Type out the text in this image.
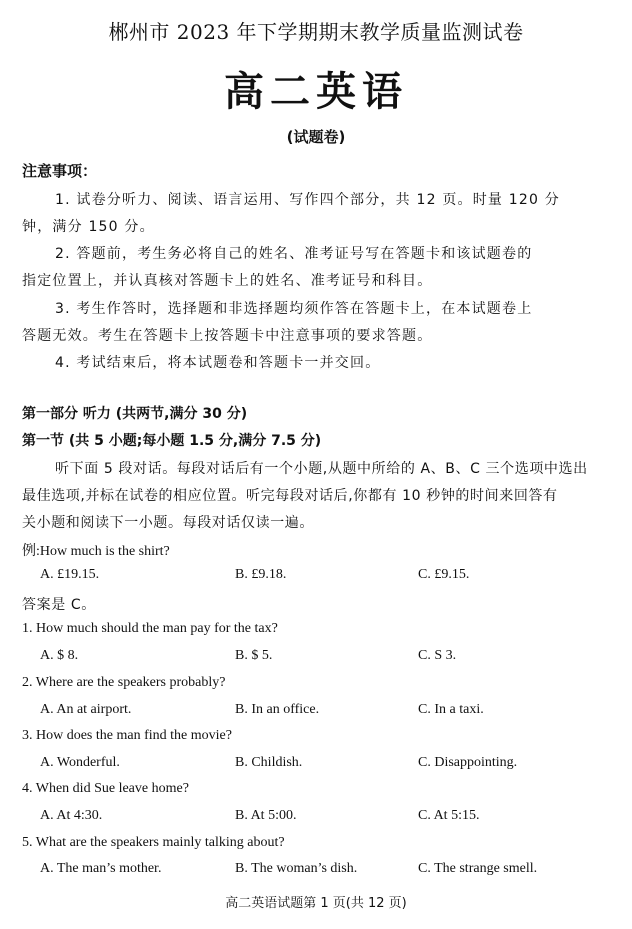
郴州市 2023 年下学期期末教学质量监测试卷
高二英语
(试题卷)
注意事项：
1. 试卷分听力、阅读、语言运用、写作四个部分，共 12 页。时量 120 分
钟，满分 150 分。
2. 答题前，考生务必将自己的姓名、准考证号写在答题卡和该试题卷的
指定位置上，并认真核对答题卡上的姓名、准考证号和科目。
3. 考生作答时，选择题和非选择题均须作答在答题卡上，在本试题卷上
答题无效。考生在答题卡上按答题卡中注意事项的要求答题。
4. 考试结束后，将本试题卷和答题卡一并交回。
第一部分 听力 (共两节,满分 30 分)
第一节 (共 5 小题;每小题 1.5 分,满分 7.5 分)
听下面 5 段对话。每段对话后有一个小题,从题中所给的 A、B、C 三个选项中选出
最佳选项,并标在试卷的相应位置。听完每段对话后,你都有 10 秒钟的时间来回答有
关小题和阅读下一小题。每段对话仅读一遍。
例:How much is the shirt?
A. £19.15.	B. £9.18.	C. £9.15.
答案是 C。
1. How much should the man pay for the tax?
A. $ 8.	B. $ 5.	C. S 3.
2. Where are the speakers probably?
A. An at airport.	B. In an office.	C. In a taxi.
3. How does the man find the movie?
A. Wonderful.	B. Childish.	C. Disappointing.
4. When did Sue leave home?
A. At 4:30.	B. At 5:00.	C. At 5:15.
5. What are the speakers mainly talking about?
A. The man’s mother.	B. The woman’s dish.	C. The strange smell.
高二英语试题第 1 页(共 12 页)
